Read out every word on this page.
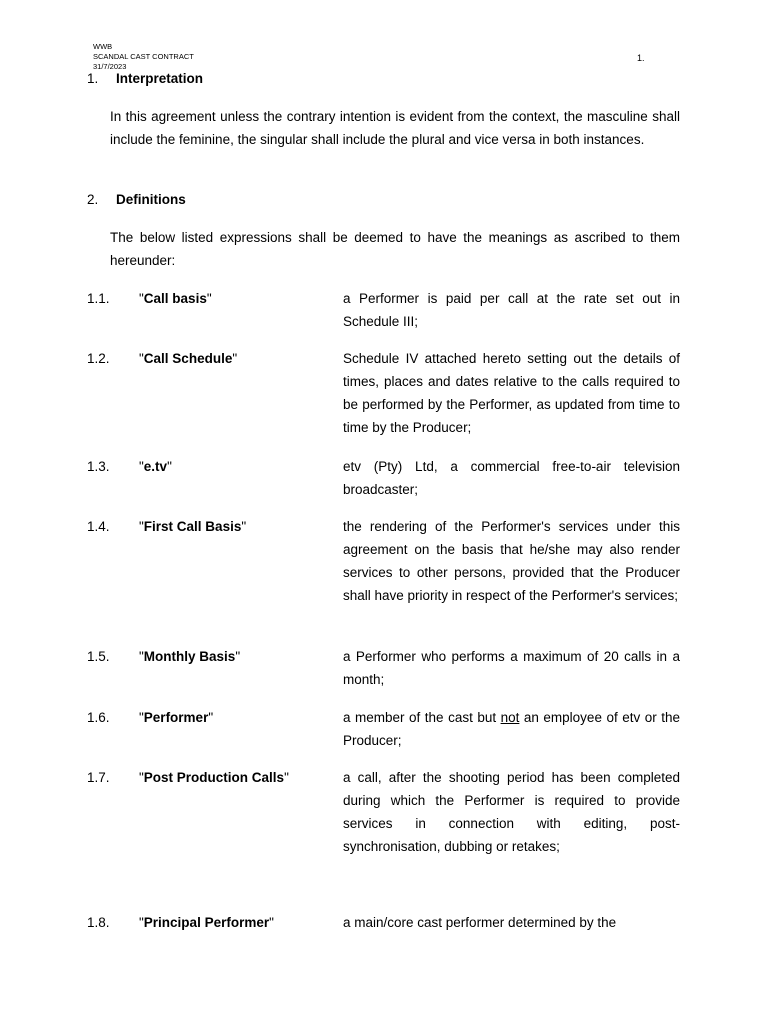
WWB
SCANDAL CAST CONTRACT
31/7/2023
1.
1. Interpretation
In this agreement unless the contrary intention is evident from the context, the masculine shall include the feminine, the singular shall include the plural and vice versa in both instances.
2. Definitions
The below listed expressions shall be deemed to have the meanings as ascribed to them hereunder:
1.1. "Call basis"	a Performer is paid per call at the rate set out in Schedule III;
1.2. "Call Schedule"	Schedule IV attached hereto setting out the details of times, places and dates relative to the calls required to be performed by the Performer, as updated from time to time by the Producer;
1.3. "e.tv"	etv (Pty) Ltd, a commercial free-to-air television broadcaster;
1.4. "First Call Basis"	the rendering of the Performer's services under this agreement on the basis that he/she may also render services to other persons, provided that the Producer shall have priority in respect of the Performer's services;
1.5. "Monthly Basis"	a Performer who performs a maximum of 20 calls in a month;
1.6. "Performer"	a member of the cast but not an employee of etv or the Producer;
1.7. "Post Production Calls"	a call, after the shooting period has been completed during which the Performer is required to provide services in connection with editing, post-synchronisation, dubbing or retakes;
1.8. "Principal Performer"	a main/core cast performer determined by the
